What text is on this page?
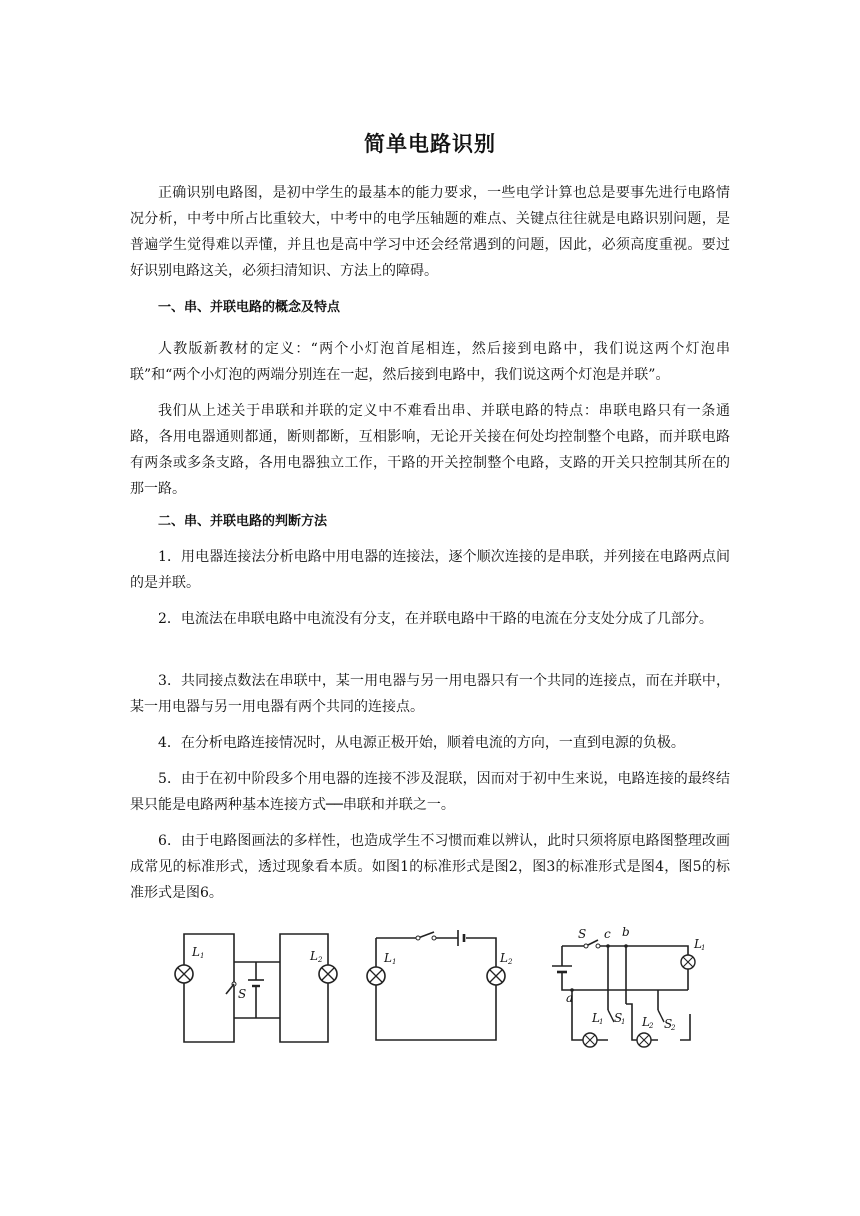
简单电路识别

正确识别电路图，是初中学生的最基本的能力要求，一些电学计算也总是要事先进行电路情况分析，中考中所占比重较大，中考中的电学压轴题的难点、关键点往往就是电路识别问题，是普遍学生觉得难以弄懂，并且也是高中学习中还会经常遇到的问题，因此，必须高度重视。要过好识别电路这关，必须扫清知识、方法上的障碍。

一、串、并联电路的概念及特点

人教版新教材的定义：“两个小灯泡首尾相连，然后接到电路中，我们说这两个灯泡串联”和“两个小灯泡的两端分别连在一起，然后接到电路中，我们说这两个灯泡是并联”。

我们从上述关于串联和并联的定义中不难看出串、并联电路的特点：串联电路只有一条通路，各用电器通则都通，断则都断，互相影响，无论开关接在何处均控制整个电路，而并联电路有两条或多条支路，各用电器独立工作，干路的开关控制整个电路，支路的开关只控制其所在的那一路。

二、串、并联电路的判断方法

1．用电器连接法分析电路中用电器的连接法，逐个顺次连接的是串联，并列接在电路两点间的是并联。

2．电流法在串联电路中电流没有分支，在并联电路中干路的电流在分支处分成了几部分。

3．共同接点数法在串联中，某一用电器与另一用电器只有一个共同的连接点，而在并联中，某一用电器与另一用电器有两个共同的连接点。

4．在分析电路连接情况时，从电源正极开始，顺着电流的方向，一直到电源的负极。

5．由于在初中阶段多个用电器的连接不涉及混联，因而对于初中生来说，电路连接的最终结果只能是电路两种基本连接方式──串联和并联之一。

6．由于电路图画法的多样性，也造成学生不习惯而难以辨认，此时只须将原电路图整理改画成常见的标准形式，透过现象看本质。如图1的标准形式是图2，图3的标准形式是图4，图5的标准形式是图6。

L 1	L 2
S
L 1	L 2
S c b
a
L 1 S
1 L 2 S
2
L 1
